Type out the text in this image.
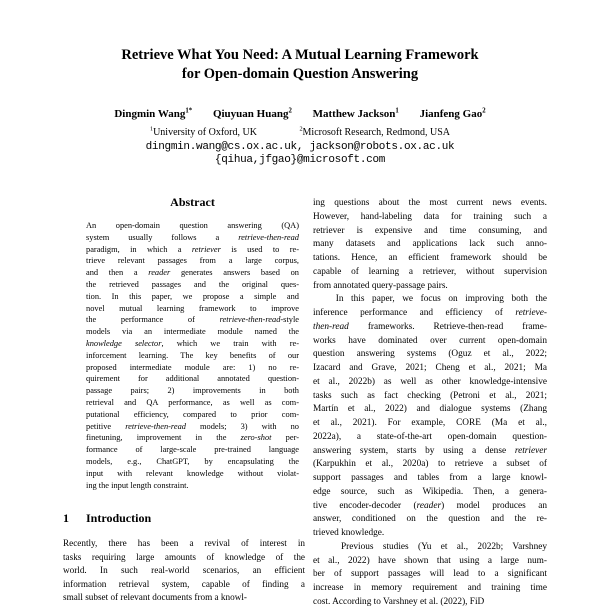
Retrieve What You Need: A Mutual Learning Framework
for Open-domain Question Answering
Dingmin Wang$^{1*}$ Qiuyuan Huang$^2$ Matthew Jackson$^1$ Jianfeng Gao$^2$
$^1$University of Oxford, UK	$^2$Microsoft Research, Redmond, USA
dingmin.wang@cs.ox.ac.uk, jackson@robots.ox.ac.uk
{qihua,jfgao}@microsoft.com
Abstract
An open-domain question answering (QA)
system usually follows a retrieve-then-read
paradigm, in which a retriever is used to re-
trieve relevant passages from a large corpus,
and then a reader generates answers based on
the retrieved passages and the original ques-
tion. In this paper, we propose a simple and
novel mutual learning framework to improve
the performance of retrieve-then-read-style
models via an intermediate module named the
knowledge selector, which we train with re-
inforcement learning. The key benefits of our
proposed intermediate module are: 1) no re-
quirement for additional annotated question-
passage pairs; 2) improvements in both
retrieval and QA performance, as well as com-
putational efficiency, compared to prior com-
petitive retrieve-then-read models; 3) with no
finetuning, improvement in the zero-shot per-
formance of large-scale pre-trained language
models, e.g., ChatGPT, by encapsulating the
input with relevant knowledge without violat-
ing the input length constraint.
1 Introduction
Recently, there has been a revival of interest in
tasks requiring large amounts of knowledge of the
world. In such real-world scenarios, an efficient
information retrieval system, capable of finding a
small subset of relevant documents from a knowl-
ing questions about the most current news events.
However, hand-labeling data for training such a
retriever is expensive and time consuming, and
many datasets and applications lack such anno-
tations. Hence, an efficient framework should be
capable of learning a retriever, without supervision
from annotated query-passage pairs.
In this paper, we focus on improving both the
inference performance and efficiency of retrieve-
then-read frameworks. Retrieve-then-read frame-
works have dominated over current open-domain
question answering systems (Oguz et al., 2022;
Izacard and Grave, 2021; Cheng et al., 2021; Ma
et al., 2022b) as well as other knowledge-intensive
tasks such as fact checking (Petroni et al., 2021;
Martín et al., 2022) and dialogue systems (Zhang
et al., 2021). For example, CORE (Ma et al.,
2022a), a state-of-the-art open-domain question-
answering system, starts by using a dense retriever
(Karpukhin et al., 2020a) to retrieve a subset of
support passages and tables from a large knowl-
edge source, such as Wikipedia. Then, a genera-
tive encoder-decoder (reader) model produces an
answer, conditioned on the question and the re-
trieved knowledge.
Previous studies (Yu et al., 2022b; Varshney
et al., 2022) have shown that using a large num-
ber of support passages will lead to a significant
increase in memory requirement and training time
cost. According to Varshney et al. (2022), FiD
